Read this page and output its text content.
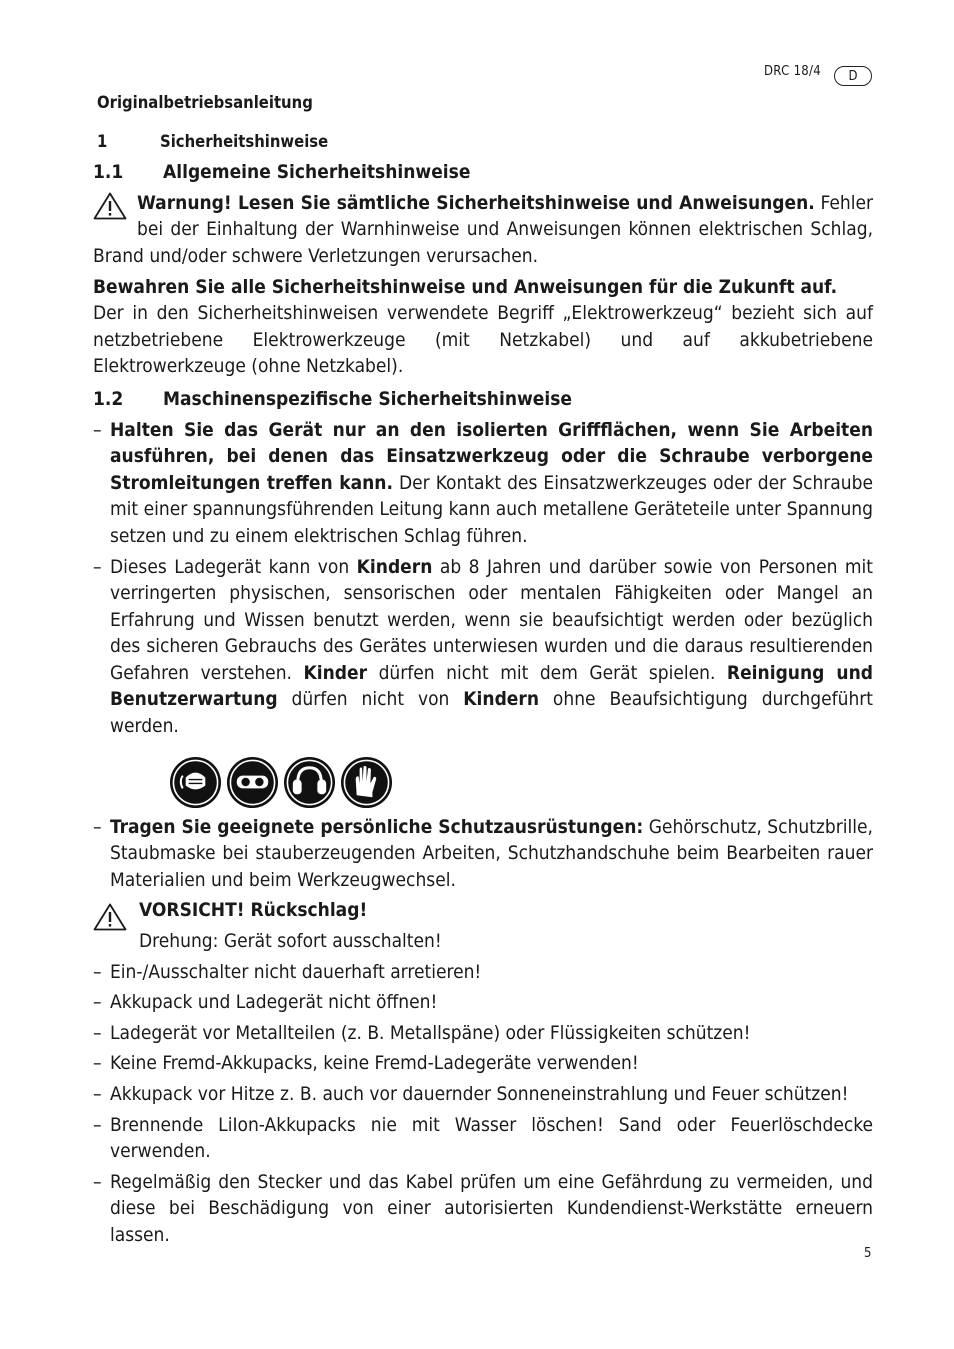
DRC 18/4	D
Originalbetriebsanleitung
1	Sicherheitshinweise
1.1	Allgemeine Sicherheitshinweise

Warnung! Lesen Sie sämtliche Sicherheitshinweise und Anweisungen. Fehler bei der Einhaltung der Warnhinweise und Anweisungen können elektrischen Schlag, Brand und/oder schwere Verletzungen verursachen.

Bewahren Sie alle Sicherheitshinweise und Anweisungen für die Zukunft auf.

Der in den Sicherheitshinweisen verwendete Begriff „Elektrowerkzeug“ bezieht sich auf netzbetriebene Elektrowerkzeuge (mit Netzkabel) und auf akkubetriebene Elektrowerkzeuge (ohne Netzkabel).

1.2	Maschinenspezifische Sicherheitshinweise
– Halten Sie das Gerät nur an den isolierten Griffflächen, wenn Sie Arbeiten ausführen, bei denen das Einsatzwerkzeug oder die Schraube verborgene Stromleitungen treffen kann. Der Kontakt des Einsatzwerkzeuges oder der Schraube mit einer spannungsführenden Leitung kann auch metallene Geräteteile unter Spannung setzen und zu einem elektrischen Schlag führen.
– Dieses Ladegerät kann von Kindern ab 8 Jahren und darüber sowie von Personen mit verringerten physischen, sensorischen oder mentalen Fähigkeiten oder Mangel an Erfahrung und Wissen benutzt werden, wenn sie beaufsichtigt werden oder bezüglich des sicheren Gebrauchs des Gerätes unterwiesen wurden und die daraus resultierenden Gefahren verstehen. Kinder dürfen nicht mit dem Gerät spielen. Reinigung und Benutzerwartung dürfen nicht von Kindern ohne Beaufsichtigung durchgeführt werden.
– Tragen Sie geeignete persönliche Schutzausrüstungen: Gehörschutz, Schutzbrille, Staubmaske bei stauberzeugenden Arbeiten, Schutzhandschuhe beim Bearbeiten rauer Materialien und beim Werkzeugwechsel.

VORSICHT! Rückschlag!

Drehung: Gerät sofort ausschalten!

– Ein-/Ausschalter nicht dauerhaft arretieren!
– Akkupack und Ladegerät nicht öffnen!
– Ladegerät vor Metallteilen (z. B. Metallspäne) oder Flüssigkeiten schützen!
– Keine Fremd-Akkupacks, keine Fremd-Ladegeräte verwenden!
– Akkupack vor Hitze z. B. auch vor dauernder Sonneneinstrahlung und Feuer schützen!
– Brennende LiIon-Akkupacks nie mit Wasser löschen! Sand oder Feuerlöschdecke verwenden.
– Regelmäßig den Stecker und das Kabel prüfen um eine Gefährdung zu vermeiden, und diese bei Beschädigung von einer autorisierten Kundendienst-Werkstätte erneuern lassen.
5
